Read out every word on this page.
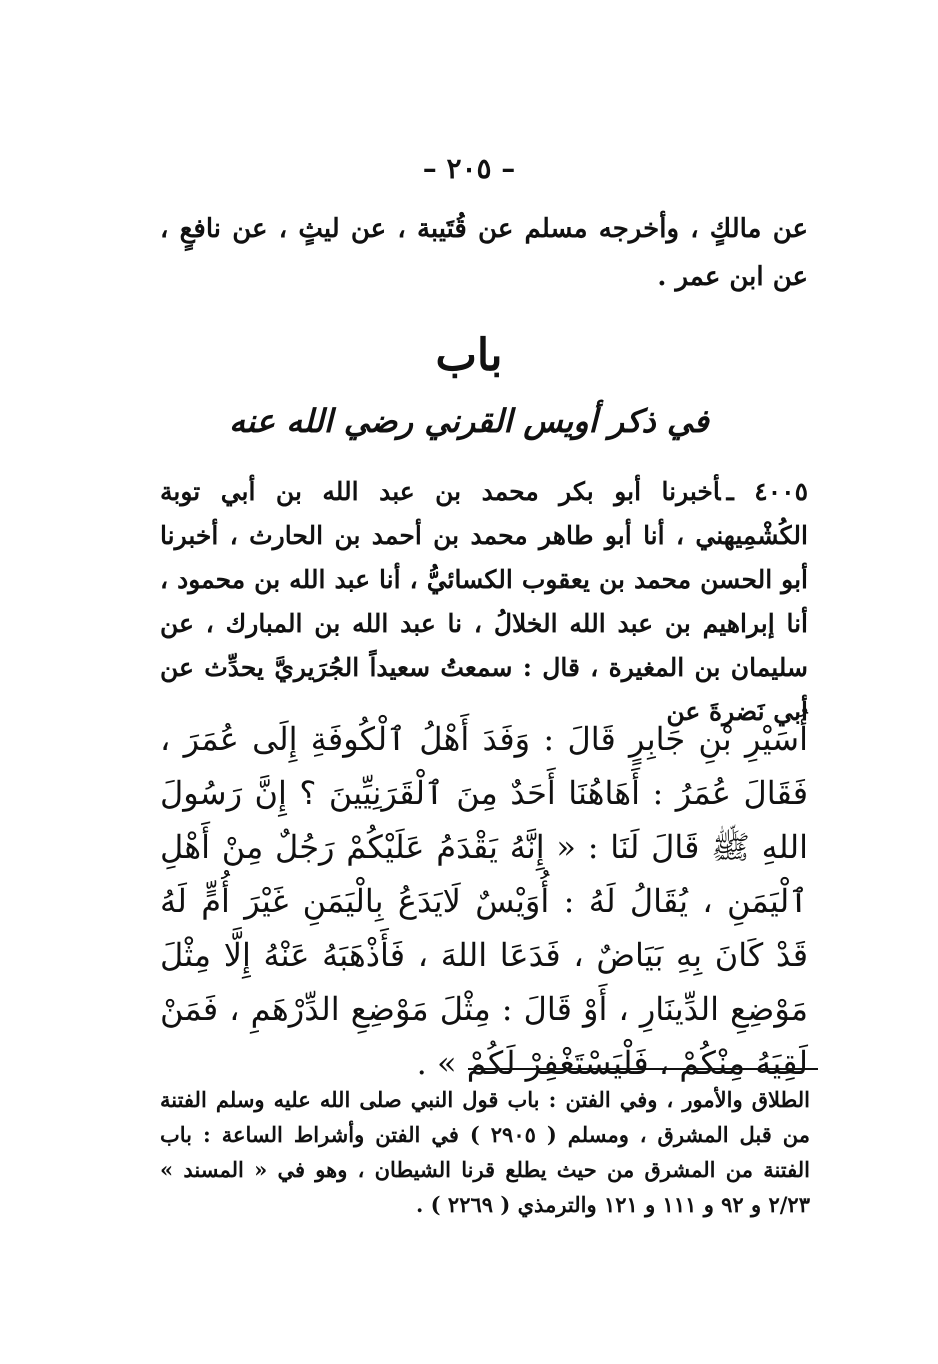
– ٢٠٥ –
عن مالكٍ ، وأخرجه مسلم عن قُتَيبة ، عن ليثٍ ، عن نافعٍ ، عن ابن عمر .
باب
في ذكر أويس القرني رضي الله عنه
٤٠٠٥ ـأخبرنا أبو بكر محمد بن عبد الله بن أبي توبة الكُشْمِيهني ، أنا أبو طاهر محمد بن أحمد بن الحارث ، أخبرنا أبو الحسن محمد بن يعقوب الكسائيُّ ، أنا عبد الله بن محمود ، أنا إبراهيم بن عبد الله الخلالُ ، نا عبد الله بن المبارك ، عن سليمان بن المغيرة ، قال : سمعتُ سعيداً الجُرَيريَّ يحدِّث عن أبي نَضرةَ عن
أُسَيْرِ بْنِ جَابِرٍ قَالَ : وَفَدَ أَهْلُ ٱلْكُوفَةِ إِلَى عُمَرَ ، فَقَالَ عُمَرُ : أَهَاهُنَا أَحَدٌ مِنَ ٱلْقَرَنِيِّينَ ؟ إِنَّ رَسُولَ اللهِ ﷺ قَالَ لَنَا : « إِنَّهُ يَقْدَمُ عَلَيْكُمْ رَجُلٌ مِنْ أَهْلِ ٱلْيَمَنِ ، يُقَالُ لَهُ : أُوَيْسٌ لَايَدَعُ بِالْيَمَنِ غَيْرَ أُمٍّ لَهُ قَدْ كَانَ بِهِ بَيَاضٌ ، فَدَعَا اللهَ ، فَأَذْهَبَهُ عَنْهُ إِلَّا مِثْلَ مَوْضِعِ الدِّينَارِ ، أَوْ قَالَ : مِثْلَ مَوْضِعِ الدِّرْهَمِ ، فَمَنْ لَقِيَهُ مِنْكُمْ ، فَلْيَسْتَغْفِرْ لَكُمْ » .
الطلاق والأمور ، وفي الفتن : باب قول النبي صلى الله عليه وسلم الفتنة من قبل المشرق ، ومسلم ( ٢٩٠٥ ) في الفتن وأشراط الساعة : باب الفتنة من المشرق من حيث يطلع قرنا الشيطان ، وهو في « المسند » ٢/٢٣ و ٩٢ و ١١١ و ١٢١ والترمذي ( ٢٢٦٩ ) .
